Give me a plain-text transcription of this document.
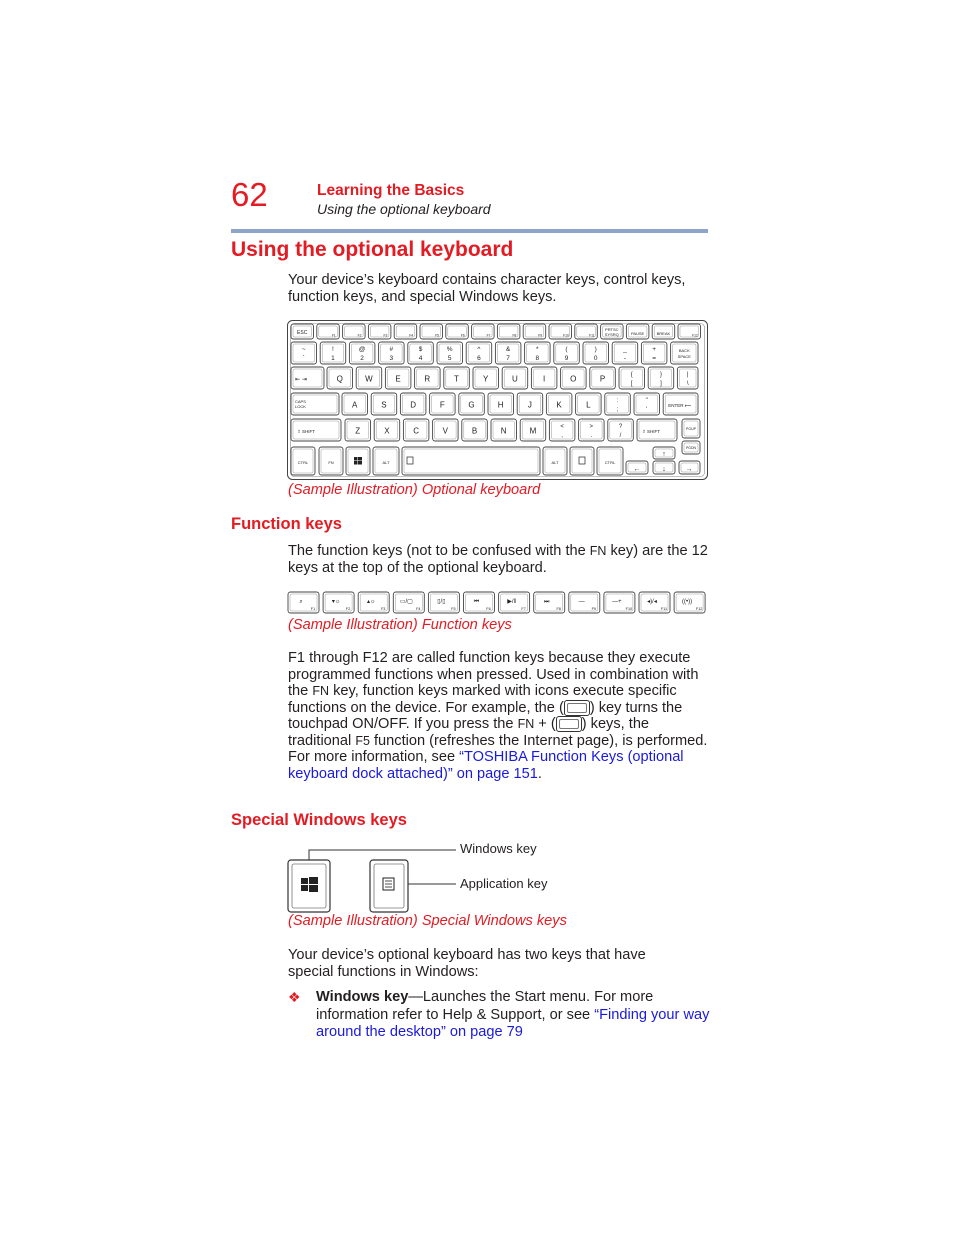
62	Learning the Basics
Using the optional keyboard
Using the optional keyboard
Your device’s keyboard contains character keys, control keys, function keys, and special Windows keys.
ESC	F1	F2	F3	F4	F5	F6	F7	F8	F9	F10	F11
PRTSC
SYSRQ	PAUSE	BREAK	F12
~
`
!
1
@
2
#
3
$
4
%
5
^
6
&
7
*
8
(
9
)
0
_
-
+
=
BACK
SPACE
⇤ ⇥	Q	W	E	R	T	Y	U	I	O	P	{
[
}
]
|
\
CAPS
LOCK	A	S	D	F	G	H	J	K	L	:
;
"
'
ENTER ⟵
⇧ SHIFT	Z	X	C	V	B	N	M	<
,
>
.
?
/
⇧ SHIFT	PGUP
CTRL	FN	ALT	ALT	CTRL
PGDN
↑
←	↓	→
(Sample Illustration) Optional keyboard
Function keys
The function keys (not to be confused with the FN key) are the 12 keys at the top of the optional keyboard.
⌕
F1
▾☼
F2
▴☼
F3
▭/▢
F4
▯/▯
F5
⏮
F6
▶/‖
F7
⏭
F8
—
F9
—+
F10
◂)/◂
F11
((•))
F12
(Sample Illustration) Function keys
F1 through F12 are called function keys because they execute programmed functions when pressed. Used in combination with the FN key, function keys marked with icons execute specific functions on the device. For example, the ( ) key turns the touchpad ON/OFF. If you press the FN + ( ) keys, the traditional F5 function (refreshes the Internet page), is performed. For more information, see “TOSHIBA Function Keys (optional keyboard dock attached)” on page 151.
Special Windows keys
Windows key
Application key
(Sample Illustration) Special Windows keys
Your device’s optional keyboard has two keys that have special functions in Windows:
❖ Windows key—Launches the Start menu. For more information refer to Help & Support, or see “Finding your way around the desktop” on page 79
